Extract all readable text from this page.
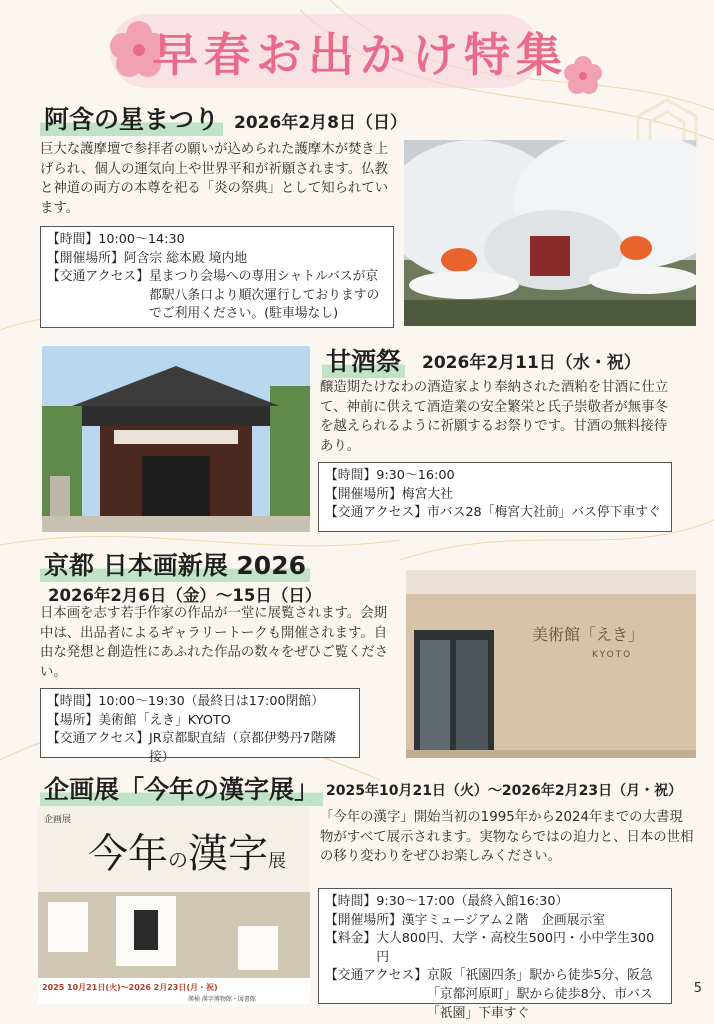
早春お出かけ特集
阿含の星まつり 2026年2月8日（日）
巨大な護摩壇で参拝者の願いが込められた護摩木が焚き上げられ、個人の運気向上や世界平和が祈願されます。仏教と神道の両方の本尊を祀る「炎の祭典」として知られています。
【時間】 10:00〜14:30
【開催場所】 阿含宗 総本殿 境内地
【交通アクセス】 星まつり会場への専用シャトルバスが京都駅八条口より順次運行しておりますのでご利用ください。(駐車場なし)
甘酒祭 2026年2月11日（水・祝）
醸造期たけなわの酒造家より奉納された酒粕を甘酒に仕立て、神前に供えて酒造業の安全繁栄と氏子崇敬者が無事冬を越えられるように祈願するお祭りです。甘酒の無料接待あり。
【時間】 9:30〜16:00
【開催場所】 梅宮大社
【交通アクセス】 市バス28「梅宮大社前」バス停下車すぐ
京都 日本画新展 2026
2026年2月6日（金）〜15日（日）
日本画を志す若手作家の作品が一堂に展覧されます。会期中は、出品者によるギャラリートークも開催されます。自由な発想と創造性にあふれた作品の数々をぜひご覧ください。
【時間】 10:00〜19:30（最終日は17:00閉館）
【場所】 美術館「えき」KYOTO
【交通アクセス】 JR京都駅直結（京都伊勢丹7階隣接）
美術館「えき」
KYOTO
企画展「今年の漢字展」 2025年10月21日（火）〜2026年2月23日（月・祝）
「今年の漢字」開始当初の1995年から2024年までの大書現物がすべて展示されます。実物ならではの迫力と、日本の世相の移り変わりをぜひお楽しみください。
【時間】 9:30〜17:00（最終入館16:30）
【開催場所】 漢字ミュージアム２階　企画展示室
【料金】 大人800円、大学・高校生500円・小中学生300円
【交通アクセス】 京阪「祇園四条」駅から徒歩5分、阪急「京都河原町」駅から徒歩8分、市バス「祇園」下車すぐ
企画展
今年の漢字展
2025 10月21日(火)〜2026 2月23日(月・祝)
漢検 漢字博物館・図書館
5
